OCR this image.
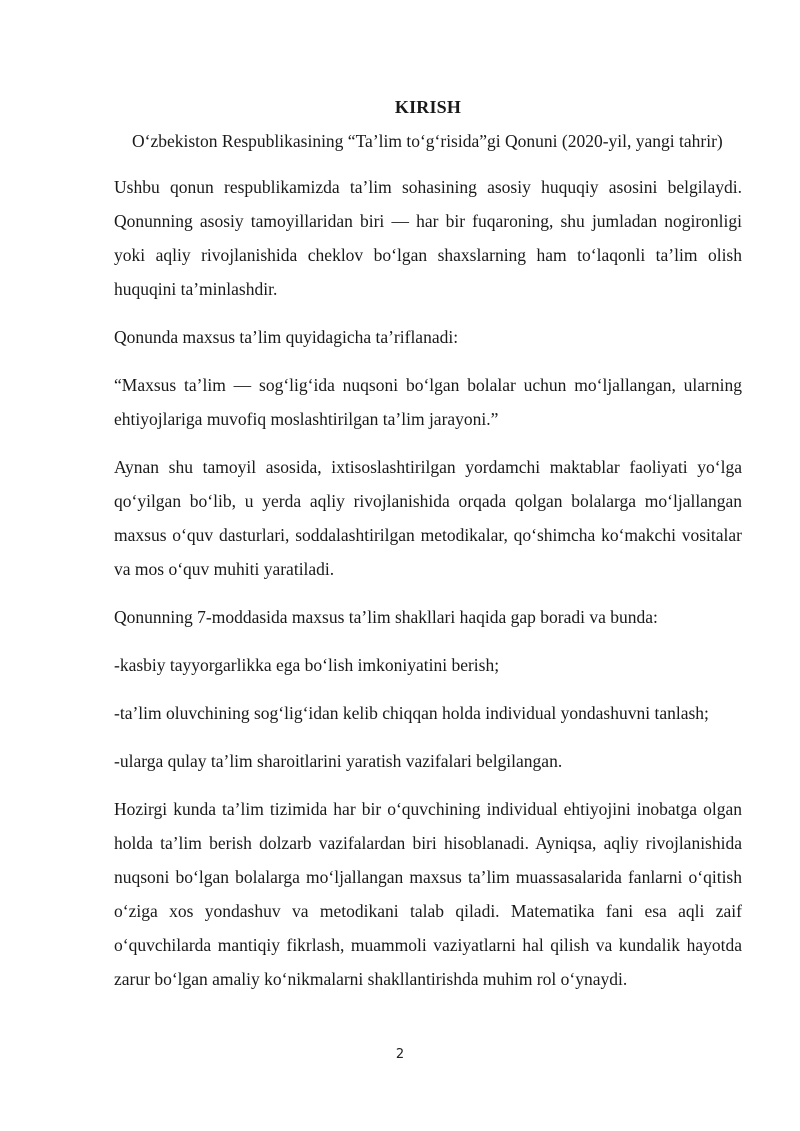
KIRISH

O‘zbekiston Respublikasining “Ta’lim to‘g‘risida”gi Qonuni (2020-yil, yangi tahrir)

Ushbu qonun respublikamizda ta’lim sohasining asosiy huquqiy asosini belgilaydi. Qonunning asosiy tamoyillaridan biri — har bir fuqaroning, shu jumladan nogironligi yoki aqliy rivojlanishida cheklov bo‘lgan shaxslarning ham to‘laqonli ta’lim olish huquqini ta’minlashdir.

Qonunda maxsus ta’lim quyidagicha ta’riflanadi:

“Maxsus ta’lim — sog‘lig‘ida nuqsoni bo‘lgan bolalar uchun mo‘ljallangan, ularning ehtiyojlariga muvofiq moslashtirilgan ta’lim jarayoni.”

Aynan shu tamoyil asosida, ixtisoslashtirilgan yordamchi maktablar faoliyati yo‘lga qo‘yilgan bo‘lib, u yerda aqliy rivojlanishida orqada qolgan bolalarga mo‘ljallangan maxsus o‘quv dasturlari, soddalashtirilgan metodikalar, qo‘shimcha ko‘makchi vositalar va mos o‘quv muhiti yaratiladi.

Qonunning 7-moddasida maxsus ta’lim shakllari haqida gap boradi va bunda:

-kasbiy tayyorgarlikka ega bo‘lish imkoniyatini berish;

-ta’lim oluvchining sog‘lig‘idan kelib chiqqan holda individual yondashuvni tanlash;

-ularga qulay ta’lim sharoitlarini yaratish vazifalari belgilangan.

Hozirgi kunda ta’lim tizimida har bir o‘quvchining individual ehtiyojini inobatga olgan holda ta’lim berish dolzarb vazifalardan biri hisoblanadi. Ayniqsa, aqliy rivojlanishida nuqsoni bo‘lgan bolalarga mo‘ljallangan maxsus ta’lim muassasalarida fanlarni o‘qitish o‘ziga xos yondashuv va metodikani talab qiladi. Matematika fani esa aqli zaif o‘quvchilarda mantiqiy fikrlash, muammoli vaziyatlarni hal qilish va kundalik hayotda zarur bo‘lgan amaliy ko‘nikmalarni shakllantirishda muhim rol o‘ynaydi.

2
